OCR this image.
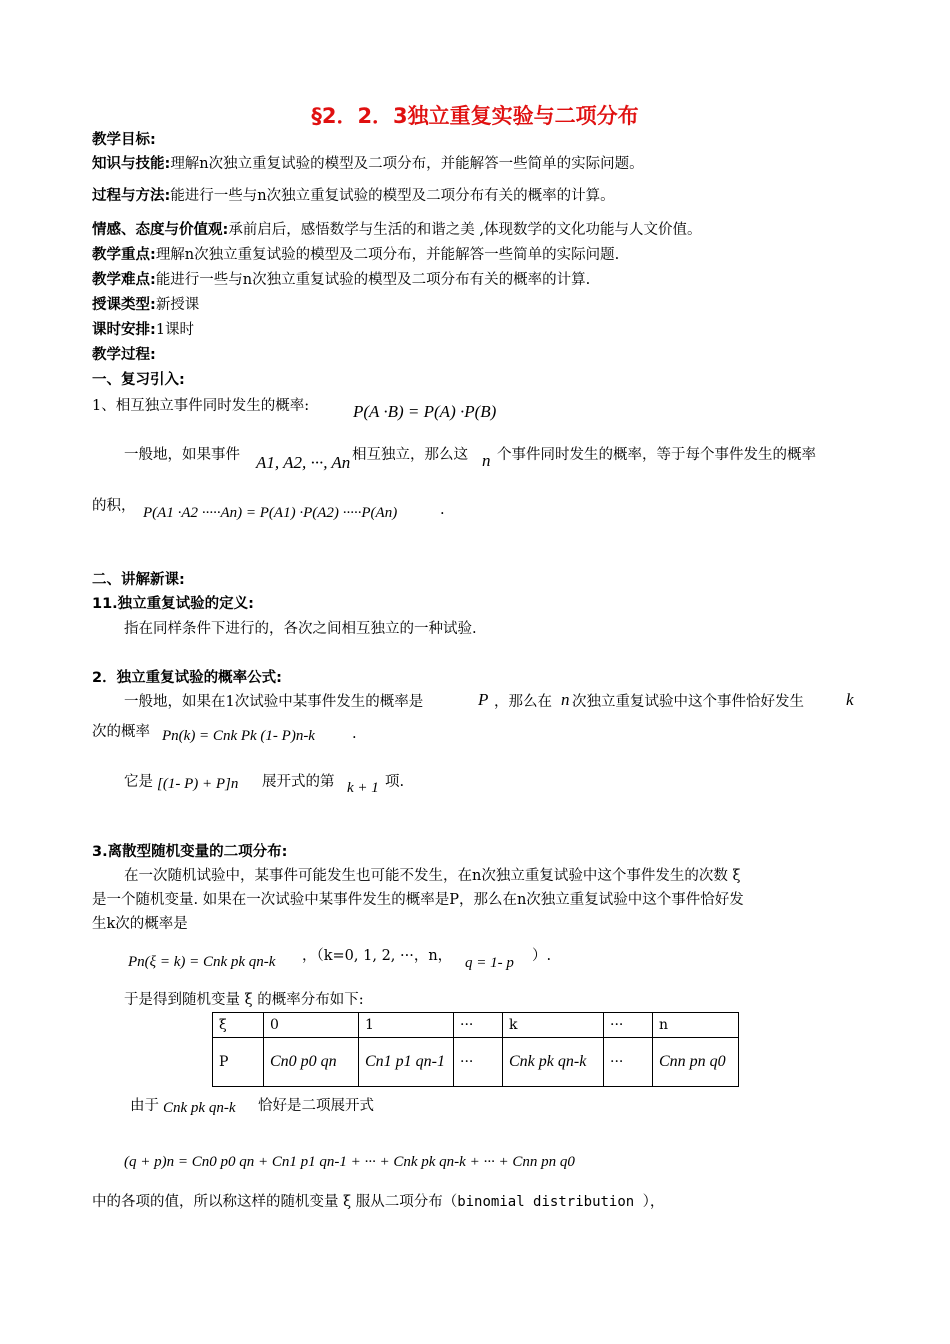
§2．2．3独立重复实验与二项分布
教学目标:
知识与技能:理解n次独立重复试验的模型及二项分布，并能解答一些简单的实际问题。
过程与方法:能进行一些与n次独立重复试验的模型及二项分布有关的概率的计算。
情感、态度与价值观:承前启后，感悟数学与生活的和谐之美 ,体现数学的文化功能与人文价值。
教学重点:理解n次独立重复试验的模型及二项分布，并能解答一些简单的实际问题.
教学难点:能进行一些与n次独立重复试验的模型及二项分布有关的概率的计算.
授课类型:新授课
课时安排:1课时
教学过程:
一、复习引入:
1、相互独立事件同时发生的概率:	P(A ·B) = P(A) ·P(B)
一般地，如果事件 A1, A2, ···, An 相互独立，那么这 n 个事件同时发生的概率，等于每个事件发生的概率
的积， P(A1 ·A2 ·····An) = P(A1) ·P(A2) ·····P(An)	.
二、讲解新课:
11.独立重复试验的定义:
指在同样条件下进行的，各次之间相互独立的一种试验.
2．独立重复试验的概率公式:
一般地，如果在1次试验中某事件发生的概率是	P ，那么在 n 次独立重复试验中这个事件恰好发生 k
次的概率 Pn(k) = Cnk Pk (1- P)n-k	.
它是 [(1- P) + P]n 展开式的第 k + 1 项.
3.离散型随机变量的二项分布:
在一次随机试验中，某事件可能发生也可能不发生，在n次独立重复试验中这个事件发生的次数 ξ
是一个随机变量. 如果在一次试验中某事件发生的概率是P，那么在n次独立重复试验中这个事件恰好发
生k次的概率是
Pn(ξ = k) = Cnk pk qn-k ，（k=0, 1, 2, ···，n， q = 1- p ）.
于是得到随机变量 ξ 的概率分布如下:
ξ	0	1	···	k	···	n
P	Cn0 p0 qn	Cn1 p1 qn-1	···	Cnk pk qn-k	···	Cnn pn q0
由于 Cnk pk qn-k 恰好是二项展开式
(q + p)n = Cn0 p0 qn + Cn1 p1 qn-1 + ··· + Cnk pk qn-k + ··· + Cnn pn q0
中的各项的值，所以称这样的随机变量 ξ 服从二项分布（binomial distribution ），
